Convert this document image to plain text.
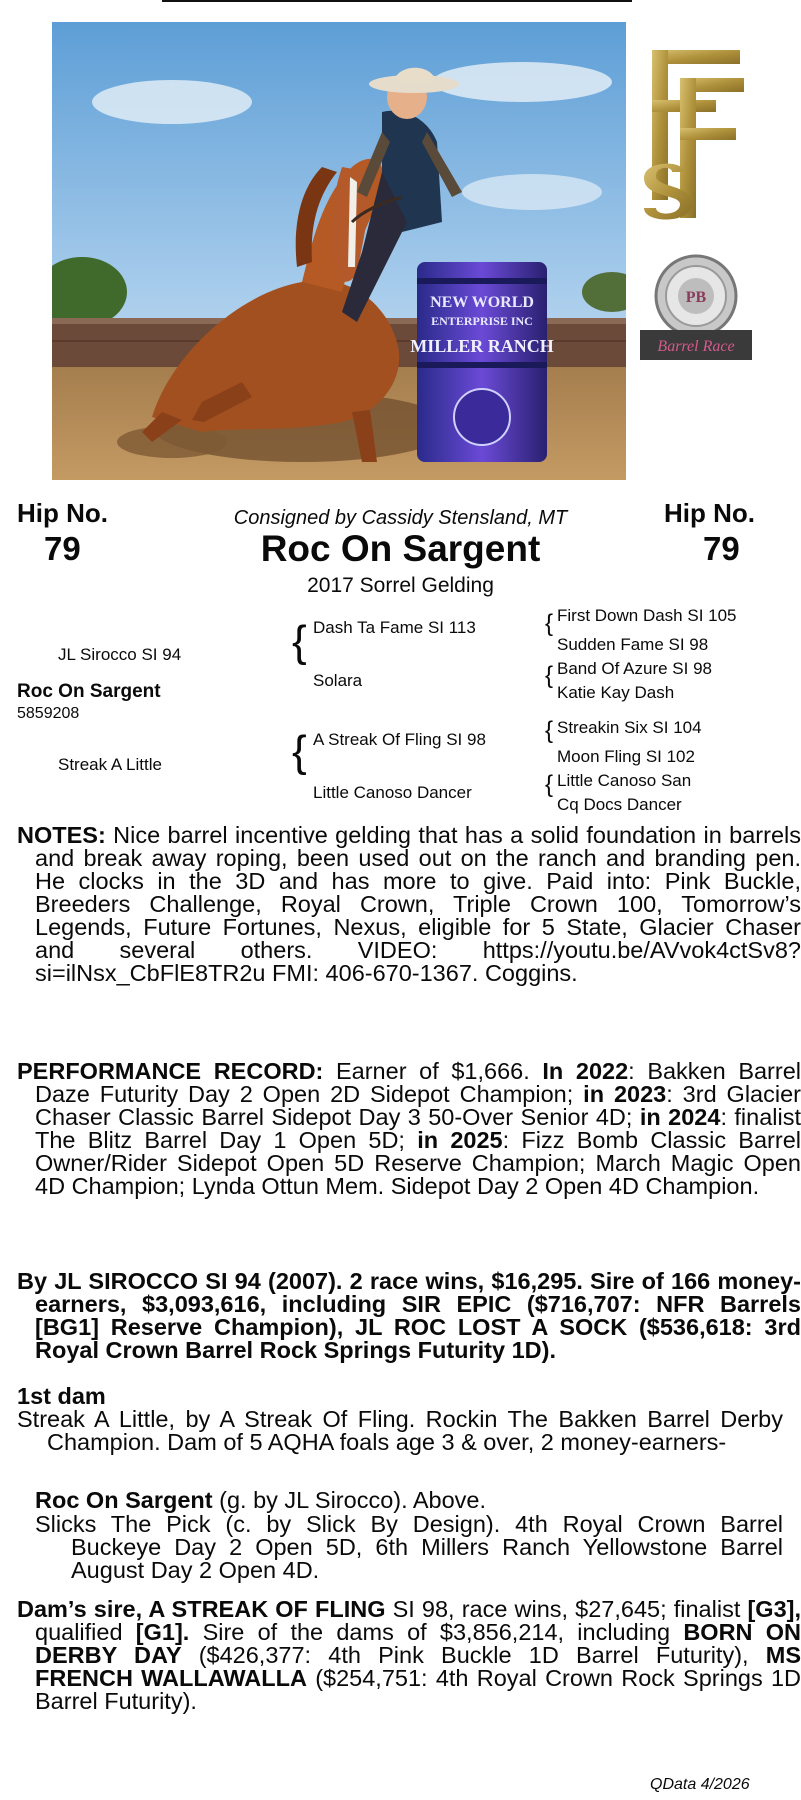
NEW WORLD
ENTERPRISE INC
MILLER RANCH
PB
Barrel Race
Hip No.
79
Hip No.
79
Consigned by Cassidy Stensland, MT
Roc On Sargent
2017 Sorrel Gelding
JL Sirocco SI 94
Roc On Sargent
5859208
Streak A Little
{
{
Dash Ta Fame SI 113
Solara
A Streak Of Fling SI 98
Little Canoso Dancer
{
{
{
{
First Down Dash SI 105
Sudden Fame SI 98
Band Of Azure SI 98
Katie Kay Dash
Streakin Six SI 104
Moon Fling SI 102
Little Canoso San
Cq Docs Dancer
NOTES: Nice barrel incentive gelding that has a solid foundation in barrels and break away roping, been used out on the ranch and branding pen. He clocks in the 3D and has more to give. Paid into: Pink Buckle, Breeders Challenge, Royal Crown, Triple Crown 100, Tomorrow’s Legends, Future Fortunes, Nexus, eligible for 5 State, Glacier Chaser and several others. VIDEO: https://youtu.be/AVvok4ctSv8?si=ilNsx_CbFlE8TR2u FMI: 406-670-1367. Coggins.
PERFORMANCE RECORD: Earner of $1,666. In 2022: Bakken Barrel Daze Futurity Day 2 Open 2D Sidepot Champion; in 2023: 3rd Glacier Chaser Classic Barrel Sidepot Day 3 50-Over Senior 4D; in 2024: finalist The Blitz Barrel Day 1 Open 5D; in 2025: Fizz Bomb Classic Barrel Owner/Rider Sidepot Open 5D Reserve Champion; March Magic Open 4D Champion; Lynda Ottun Mem. Sidepot Day 2 Open 4D Champion.
By JL SIROCCO SI 94 (2007). 2 race wins, $16,295. Sire of 166 money-earners, $3,093,616, including SIR EPIC ($716,707: NFR Barrels [BG1] Reserve Champion), JL ROC LOST A SOCK ($536,618: 3rd Royal Crown Barrel Rock Springs Futurity 1D).
1st dam
Streak A Little, by A Streak Of Fling. Rockin The Bakken Barrel Derby Champion. Dam of 5 AQHA foals age 3 & over, 2 money-earners-
Roc On Sargent (g. by JL Sirocco). Above.
Slicks The Pick (c. by Slick By Design). 4th Royal Crown Barrel Buckeye Day 2 Open 5D, 6th Millers Ranch Yellowstone Barrel August Day 2 Open 4D.
Dam’s sire, A STREAK OF FLING SI 98, race wins, $27,645; finalist [G3], qualified [G1]. Sire of the dams of $3,856,214, including BORN ON DERBY DAY ($426,377: 4th Pink Buckle 1D Barrel Futurity), MS FRENCH WALLAWALLA ($254,751: 4th Royal Crown Rock Springs 1D Barrel Futurity).
QData 4/2026
